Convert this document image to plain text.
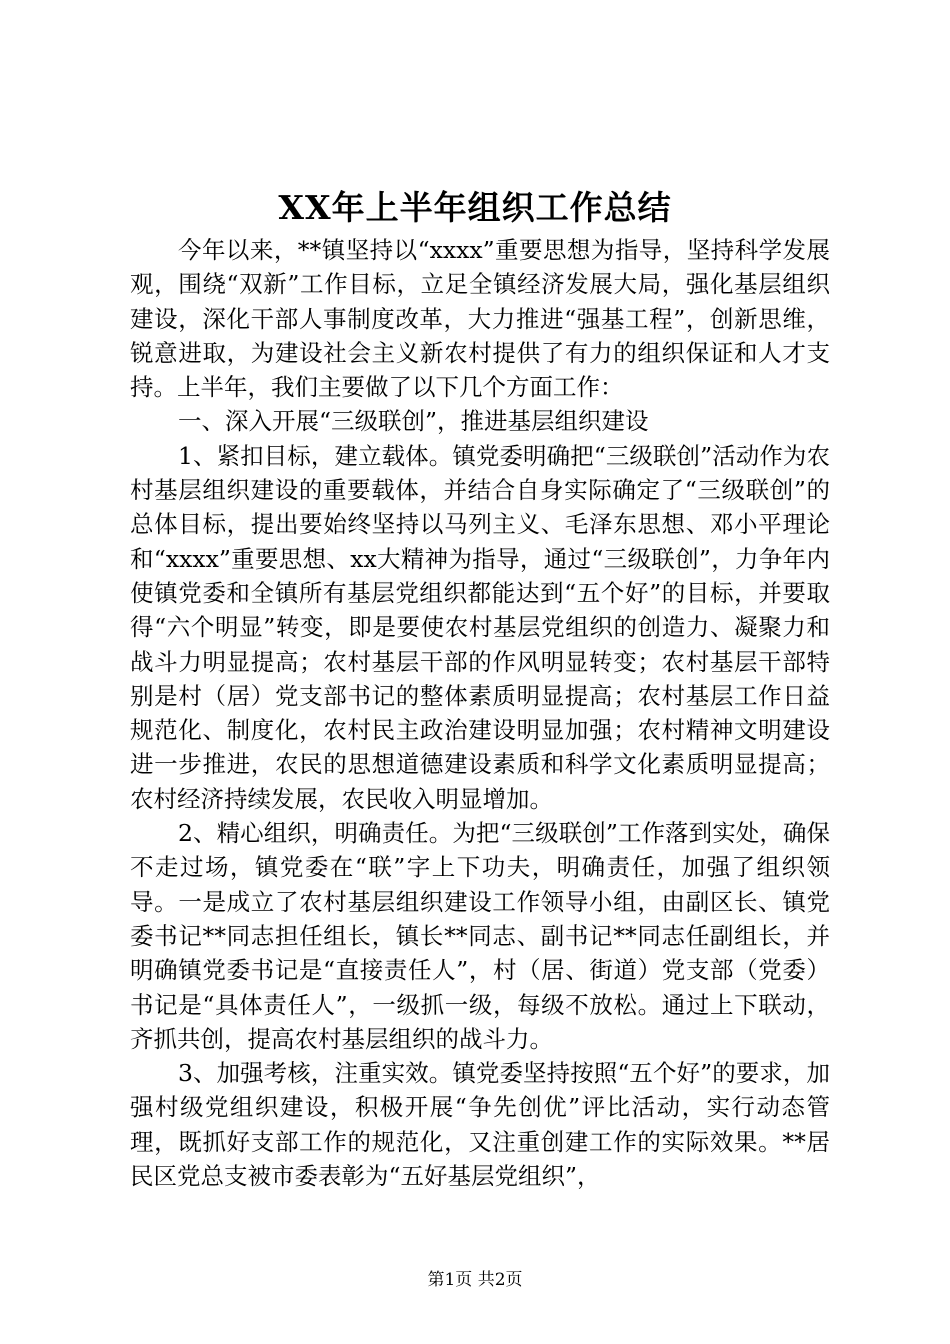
XX年上半年组织工作总结

今年以来，**镇坚持以“xxxx”重要思想为指导，坚持科学发展观，围绕“双新”工作目标，立足全镇经济发展大局，强化基层组织建设，深化干部人事制度改革，大力推进“强基工程”，创新思维，锐意进取，为建设社会主义新农村提供了有力的组织保证和人才支持。上半年，我们主要做了以下几个方面工作：

一、深入开展“三级联创”，推进基层组织建设

1、紧扣目标，建立载体。镇党委明确把“三级联创”活动作为农村基层组织建设的重要载体，并结合自身实际确定了“三级联创”的总体目标，提出要始终坚持以马列主义、毛泽东思想、邓小平理论和“xxxx”重要思想、xx大精神为指导，通过“三级联创”，力争年内使镇党委和全镇所有基层党组织都能达到“五个好”的目标，并要取得“六个明显”转变，即是要使农村基层党组织的创造力、凝聚力和战斗力明显提高；农村基层干部的作风明显转变；农村基层干部特别是村（居）党支部书记的整体素质明显提高；农村基层工作日益规范化、制度化，农村民主政治建设明显加强；农村精神文明建设进一步推进，农民的思想道德建设素质和科学文化素质明显提高；农村经济持续发展，农民收入明显增加。

2、精心组织，明确责任。为把“三级联创”工作落到实处，确保不走过场，镇党委在“联”字上下功夫，明确责任，加强了组织领导。一是成立了农村基层组织建设工作领导小组，由副区长、镇党委书记**同志担任组长，镇长**同志、副书记**同志任副组长，并明确镇党委书记是“直接责任人”，村（居、街道）党支部（党委）书记是“具体责任人”，一级抓一级，每级不放松。通过上下联动，齐抓共创，提高农村基层组织的战斗力。

3、加强考核，注重实效。镇党委坚持按照“五个好”的要求，加强村级党组织建设，积极开展“争先创优”评比活动，实行动态管理，既抓好支部工作的规范化，又注重创建工作的实际效果。**居民区党总支被市委表彰为“五好基层党组织”，

第1页 共2页
